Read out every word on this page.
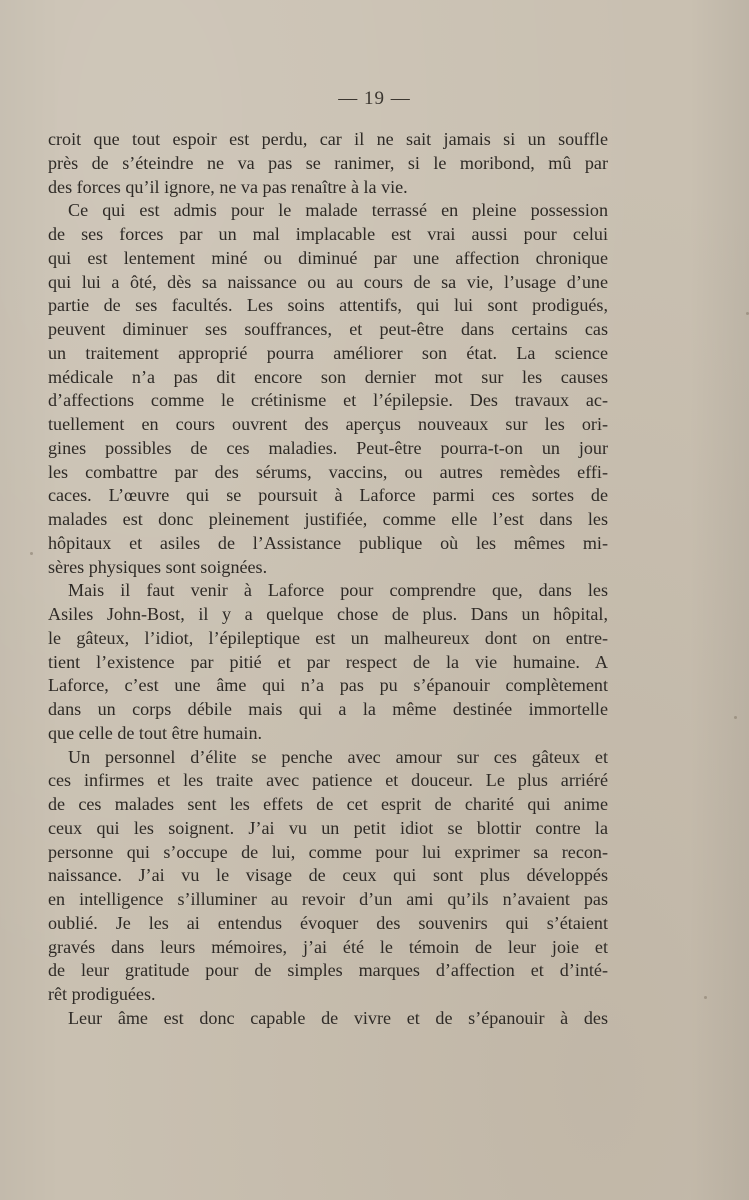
— 19 —
croit que tout espoir est perdu, car il ne sait jamais si un souffle
près de s’éteindre ne va pas se ranimer, si le moribond, mû par
des forces qu’il ignore, ne va pas renaître à la vie.
Ce qui est admis pour le malade terrassé en pleine possession
de ses forces par un mal implacable est vrai aussi pour celui
qui est lentement miné ou diminué par une affection chronique
qui lui a ôté, dès sa naissance ou au cours de sa vie, l’usage d’une
partie de ses facultés. Les soins attentifs, qui lui sont prodigués,
peuvent diminuer ses souffrances, et peut-être dans certains cas
un traitement approprié pourra améliorer son état. La science
médicale n’a pas dit encore son dernier mot sur les causes
d’affections comme le crétinisme et l’épilepsie. Des travaux ac-
tuellement en cours ouvrent des aperçus nouveaux sur les ori-
gines possibles de ces maladies. Peut-être pourra-t-on un jour
les combattre par des sérums, vaccins, ou autres remèdes effi-
caces. L’œuvre qui se poursuit à Laforce parmi ces sortes de
malades est donc pleinement justifiée, comme elle l’est dans les
hôpitaux et asiles de l’Assistance publique où les mêmes mi-
sères physiques sont soignées.
Mais il faut venir à Laforce pour comprendre que, dans les
Asiles John-Bost, il y a quelque chose de plus. Dans un hôpital,
le gâteux, l’idiot, l’épileptique est un malheureux dont on entre-
tient l’existence par pitié et par respect de la vie humaine. A
Laforce, c’est une âme qui n’a pas pu s’épanouir complètement
dans un corps débile mais qui a la même destinée immortelle
que celle de tout être humain.
Un personnel d’élite se penche avec amour sur ces gâteux et
ces infirmes et les traite avec patience et douceur. Le plus arriéré
de ces malades sent les effets de cet esprit de charité qui anime
ceux qui les soignent. J’ai vu un petit idiot se blottir contre la
personne qui s’occupe de lui, comme pour lui exprimer sa recon-
naissance. J’ai vu le visage de ceux qui sont plus développés
en intelligence s’illuminer au revoir d’un ami qu’ils n’avaient pas
oublié. Je les ai entendus évoquer des souvenirs qui s’étaient
gravés dans leurs mémoires, j’ai été le témoin de leur joie et
de leur gratitude pour de simples marques d’affection et d’inté-
rêt prodiguées.
Leur âme est donc capable de vivre et de s’épanouir à des
